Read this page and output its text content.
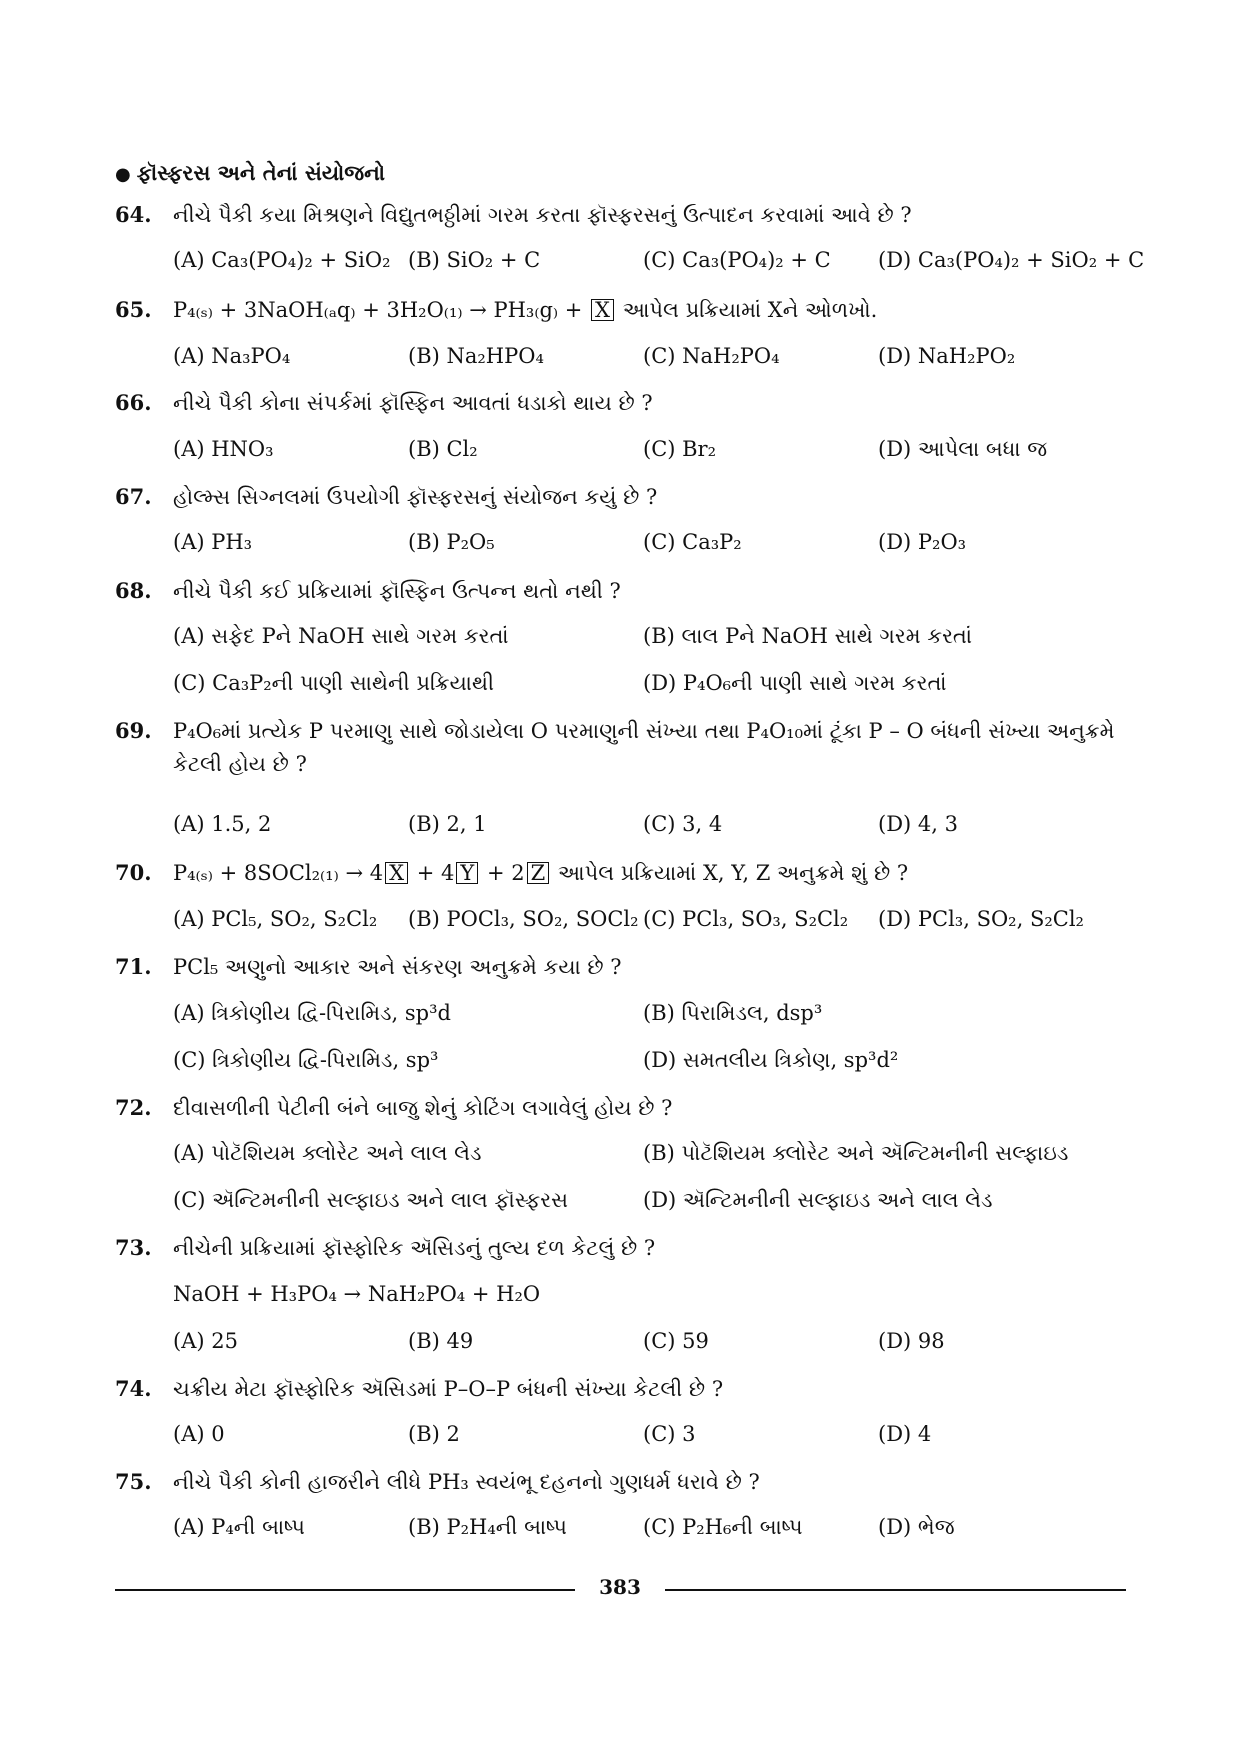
● ફૉસ્ફરસ અને તેનાં સંયોજનો
64. નીચે પૈકી કયા મિશ્રણને વિદ્યુતભઠ્ઠીમાં ગરમ કરતા ફૉસ્ફરસનું ઉત્પાદન કરવામાં આવે છે ?
(A) Ca₃(PO₄)₂ + SiO₂ (B) SiO₂ + C	(C) Ca₃(PO₄)₂ + C (D) Ca₃(PO₄)₂ + SiO₂ + C
65. P₄₍ₛ₎ + 3NaOH₍ₐq₎ + 3H₂O₍₁₎ → PH₃₍g₎ + X આપેલ પ્રક્રિયામાં Xને ઓળખો.
(A) Na₃PO₄	(B) Na₂HPO₄	(C) NaH₂PO₄	(D) NaH₂PO₂
66. નીચે પૈકી કોના સંપર્કમાં ફૉસ્ફિન આવતાં ધડાકો થાય છે ?
(A) HNO₃	(B) Cl₂	(C) Br₂	(D) આપેલા બધા જ
67. હોલ્મ્સ સિગ્નલમાં ઉપયોગી ફૉસ્ફરસનું સંયોજન કયું છે ?
(A) PH₃	(B) P₂O₅	(C) Ca₃P₂	(D) P₂O₃
68. નીચે પૈકી કઈ પ્રક્રિયામાં ફૉસ્ફિન ઉત્પન્ન થતો નથી ?
(A) સફેદ Pને NaOH સાથે ગરમ કરતાં	(B) લાલ Pને NaOH સાથે ગરમ કરતાં
(C) Ca₃P₂ની પાણી સાથેની પ્રક્રિયાથી	(D) P₄O₆ની પાણી સાથે ગરમ કરતાં
69. P₄O₆માં પ્રત્યેક P પરમાણુ સાથે જોડાયેલા O પરમાણુની સંખ્યા તથા P₄O₁₀માં ટૂંકા P – O બંધની સંખ્યા અનુક્રમે
કેટલી હોય છે ?
(A) 1.5, 2	(B) 2, 1	(C) 3, 4	(D) 4, 3
70. P₄₍ₛ₎ + 8SOCl₂₍₁₎ → 4 X + 4 Y + 2 Z આપેલ પ્રક્રિયામાં X, Y, Z અનુક્રમે શું છે ?
(A) PCl₅, SO₂, S₂Cl₂ (B) POCl₃, SO₂, SOCl₂ (C) PCl₃, SO₃, S₂Cl₂ (D) PCl₃, SO₂, S₂Cl₂
71. PCl₅ અણુનો આકાર અને સંકરણ અનુક્રમે કયા છે ?
(A) ત્રિકોણીય દ્વિ-પિરામિડ, sp³d	(B) પિરામિડલ, dsp³
(C) ત્રિકોણીય દ્વિ-પિરામિડ, sp³	(D) સમતલીય ત્રિકોણ, sp³d²
72. દીવાસળીની પેટીની બંને બાજુ શેનું કોટિંગ લગાવેલું હોય છે ?
(A) પોટૅશિયમ ક્લોરેટ અને લાલ લેડ	(B) પોટૅશિયમ ક્લોરેટ અને ઍન્ટિમનીની સલ્ફાઇડ
(C) ઍન્ટિમનીની સલ્ફાઇડ અને લાલ ફૉસ્ફરસ	(D) ઍન્ટિમનીની સલ્ફાઇડ અને લાલ લેડ
73. નીચેની પ્રક્રિયામાં ફૉસ્ફોરિક ઍસિડનું તુલ્ય દળ કેટલું છે ?
NaOH + H₃PO₄ → NaH₂PO₄ + H₂O
(A) 25	(B) 49	(C) 59	(D) 98
74. ચક્રીય મેટા ફૉસ્ફોરિક ઍસિડમાં P–O–P બંધની સંખ્યા કેટલી છે ?
(A) 0	(B) 2	(C) 3	(D) 4
75. નીચે પૈકી કોની હાજરીને લીધે PH₃ સ્વયંભૂ દહનનો ગુણધર્મ ધરાવે છે ?
(A) P₄ની બાષ્પ	(B) P₂H₄ની બાષ્પ	(C) P₂H₆ની બાષ્પ	(D) ભેજ
383
